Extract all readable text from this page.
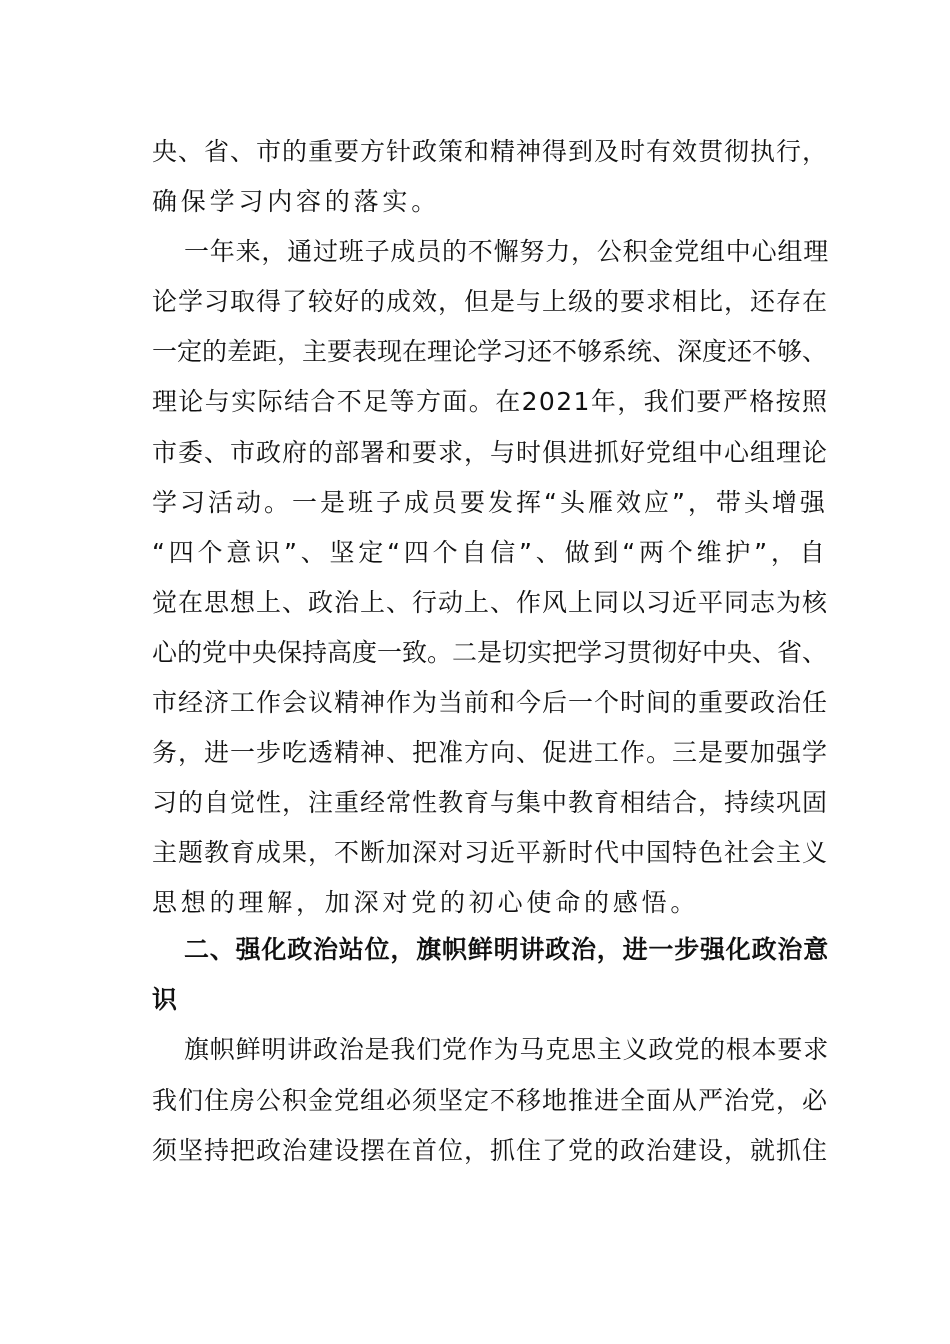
央、省、市的重要方针政策和精神得到及时有效贯彻执行，

确保学习内容的落实。

一年来，通过班子成员的不懈努力，公积金党组中心组理

论学习取得了较好的成效，但是与上级的要求相比，还存在

一定的差距，主要表现在理论学习还不够系统、深度还不够、

理论与实际结合不足等方面。在2021年，我们要严格按照

市委、市政府的部署和要求，与时俱进抓好党组中心组理论

学习活动。一是班子成员要发挥“头雁效应”，带头增强

“四个意识”、坚定“四个自信”、做到“两个维护”，自

觉在思想上、政治上、行动上、作风上同以习近平同志为核

心的党中央保持高度一致。二是切实把学习贯彻好中央、省、

市经济工作会议精神作为当前和今后一个时间的重要政治任

务，进一步吃透精神、把准方向、促进工作。三是要加强学

习的自觉性，注重经常性教育与集中教育相结合，持续巩固

主题教育成果，不断加深对习近平新时代中国特色社会主义

思想的理解，加深对党的初心使命的感悟。

二、强化政治站位，旗帜鲜明讲政治，进一步强化政治意

识

旗帜鲜明讲政治是我们党作为马克思主义政党的根本要求

我们住房公积金党组必须坚定不移地推进全面从严治党，必

须坚持把政治建设摆在首位，抓住了党的政治建设，就抓住
